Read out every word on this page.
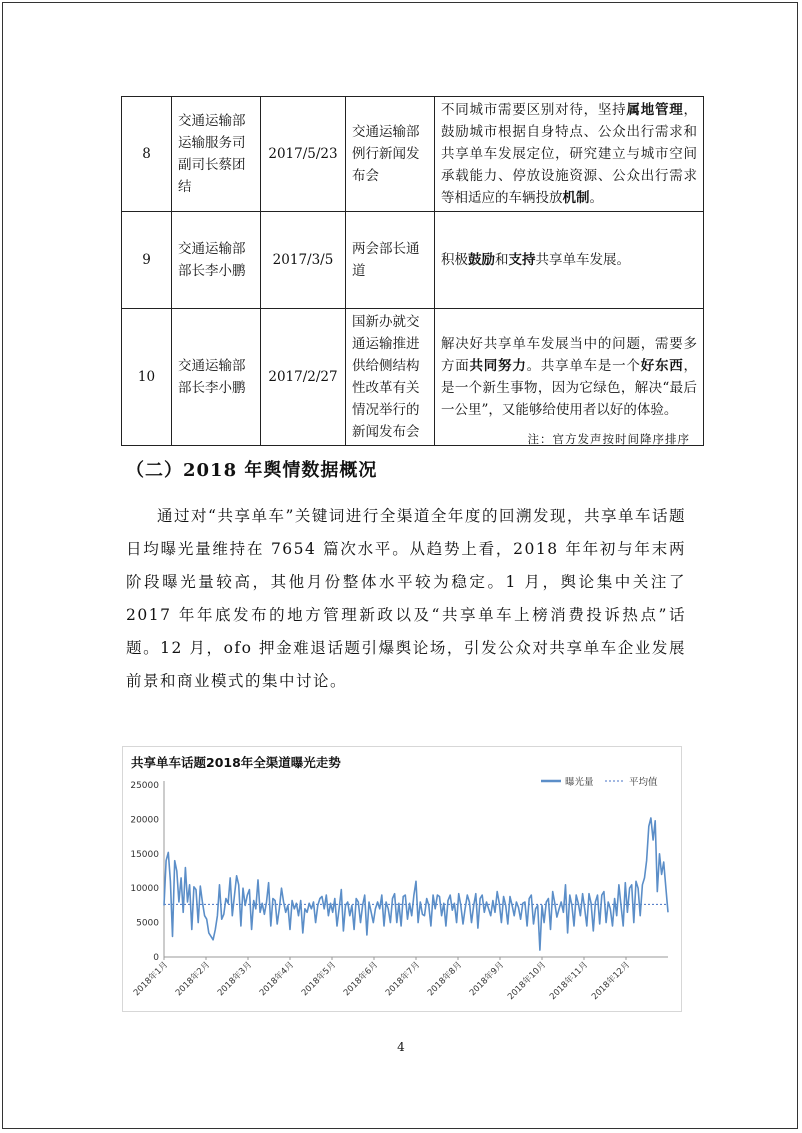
8	交通运输部运输服务司副司长蔡团结	2017/5/23	交通运输部例行新闻发布会	不同城市需要区别对待，坚持属地管理，鼓励城市根据自身特点、公众出行需求和共享单车发展定位，研究建立与城市空间承载能力、停放设施资源、公众出行需求等相适应的车辆投放机制。
9	交通运输部部长李小鹏	2017/3/5	两会部长通道	积极鼓励和支持共享单车发展。
10	交通运输部部长李小鹏	2017/2/27	国新办就交通运输推进供给侧结构性改革有关情况举行的新闻发布会	解决好共享单车发展当中的问题，需要多方面共同努力。共享单车是一个好东西，是一个新生事物，因为它绿色，解决“最后一公里”，又能够给使用者以好的体验。
注：官方发声按时间降序排序
（二）2018 年舆情数据概况
通过对“共享单车”关键词进行全渠道全年度的回溯发现，共享单车话题日均曝光量维持在 7654 篇次水平。从趋势上看，2018 年年初与年末两阶段曝光量较高，其他月份整体水平较为稳定。1 月，舆论集中关注了 2017 年年底发布的地方管理新政以及“共享单车上榜消费投诉热点”话题。12 月，ofo 押金难退话题引爆舆论场，引发公众对共享单车企业发展前景和商业模式的集中讨论。
共享单车话题2018年全渠道曝光走势
0
5000
10000
15000
20000
25000
2018年1月 2018年2月 2018年3月 2018年4月 2018年5月 2018年6月 2018年7月 2018年8月 2018年9月 2018年10月 2018年11月 2018年12月
曝光量	平均值
4
